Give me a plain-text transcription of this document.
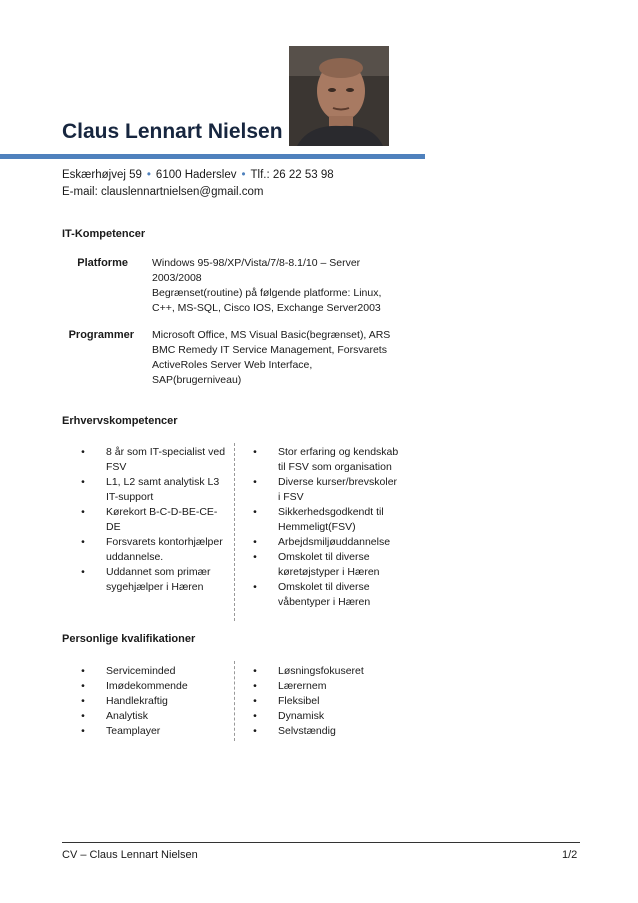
Claus Lennart Nielsen
Eskærhøjvej 59 • 6100 Haderslev • Tlf.: 26 22 53 98
E-mail: clauslennartnielsen@gmail.com
IT-Kompetencer
Platforme Windows 95-98/XP/Vista/7/8-8.1/10 – Server
2003/2008
Begrænset(routine) på følgende platforme: Linux,
C++, MS-SQL, Cisco IOS, Exchange Server2003
Programmer Microsoft Office, MS Visual Basic(begrænset), ARS
BMC Remedy IT Service Management, Forsvarets
ActiveRoles Server Web Interface,
SAP(brugerniveau)
Erhvervskompetencer
•	8 år som IT-specialist ved
FSV
•	L1, L2 samt analytisk L3
IT-support
•	Kørekort B-C-D-BE-CE-
DE
•	Forsvarets kontorhjælper
uddannelse.
•	Uddannet som primær
sygehjælper i Hæren
•	Stor erfaring og kendskab
til FSV som organisation
•	Diverse kurser/brevskoler
i FSV
•	Sikkerhedsgodkendt til
Hemmeligt(FSV)
•	Arbejdsmiljøuddannelse
•	Omskolet til diverse
køretøjstyper i Hæren
•	Omskolet til diverse
våbentyper i Hæren
Personlige kvalifikationer
•	Serviceminded
•	Imødekommende
•	Handlekraftig
•	Analytisk
•	Teamplayer
•	Løsningsfokuseret
•	Lærernem
•	Fleksibel
•	Dynamisk
•	Selvstændig
CV – Claus Lennart Nielsen	1/2
